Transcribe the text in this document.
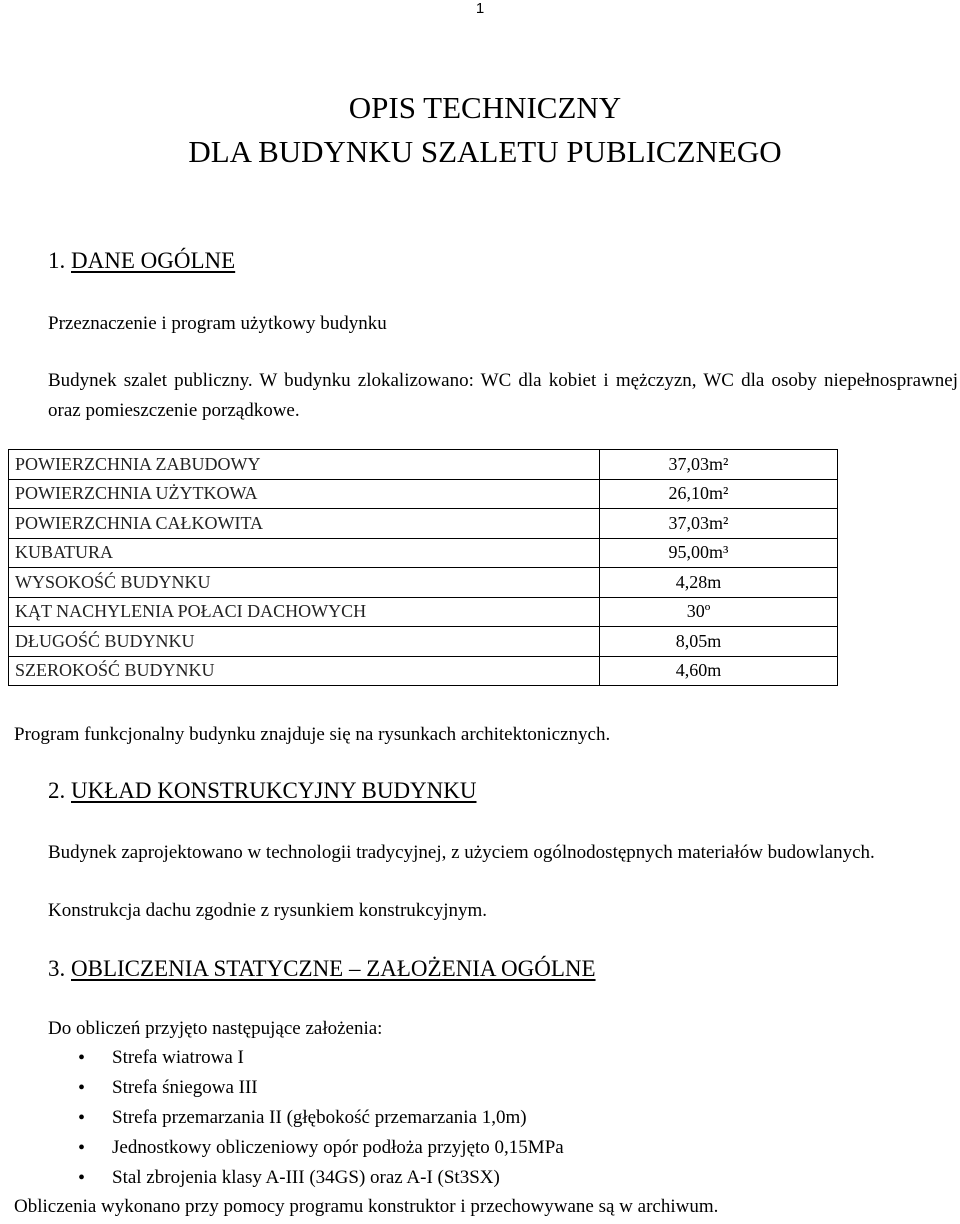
1
OPIS TECHNICZNY
DLA BUDYNKU SZALETU PUBLICZNEGO
1. DANE OGÓLNE
Przeznaczenie i program użytkowy budynku
Budynek szalet publiczny. W budynku zlokalizowano: WC dla kobiet i mężczyzn, WC dla osoby niepełnosprawnej oraz pomieszczenie porządkowe.
POWIERZCHNIA ZABUDOWY	37,03m²
POWIERZCHNIA UŻYTKOWA	26,10m²
POWIERZCHNIA CAŁKOWITA	37,03m²
KUBATURA	95,00m³
WYSOKOŚĆ BUDYNKU	4,28m
KĄT NACHYLENIA POŁACI DACHOWYCH	30º
DŁUGOŚĆ BUDYNKU	8,05m
SZEROKOŚĆ BUDYNKU	4,60m
Program funkcjonalny budynku znajduje się na rysunkach architektonicznych.
2. UKŁAD KONSTRUKCYJNY BUDYNKU
Budynek zaprojektowano w technologii tradycyjnej, z użyciem ogólnodostępnych materiałów budowlanych.
Konstrukcja dachu zgodnie z rysunkiem konstrukcyjnym.
3. OBLICZENIA STATYCZNE – ZAŁOŻENIA OGÓLNE
Do obliczeń przyjęto następujące założenia:
• Strefa wiatrowa I
• Strefa śniegowa III
• Strefa przemarzania II (głębokość przemarzania 1,0m)
• Jednostkowy obliczeniowy opór podłoża przyjęto 0,15MPa
• Stal zbrojenia klasy A-III (34GS) oraz A-I (St3SX)
Obliczenia wykonano przy pomocy programu konstruktor i przechowywane są w archiwum.
